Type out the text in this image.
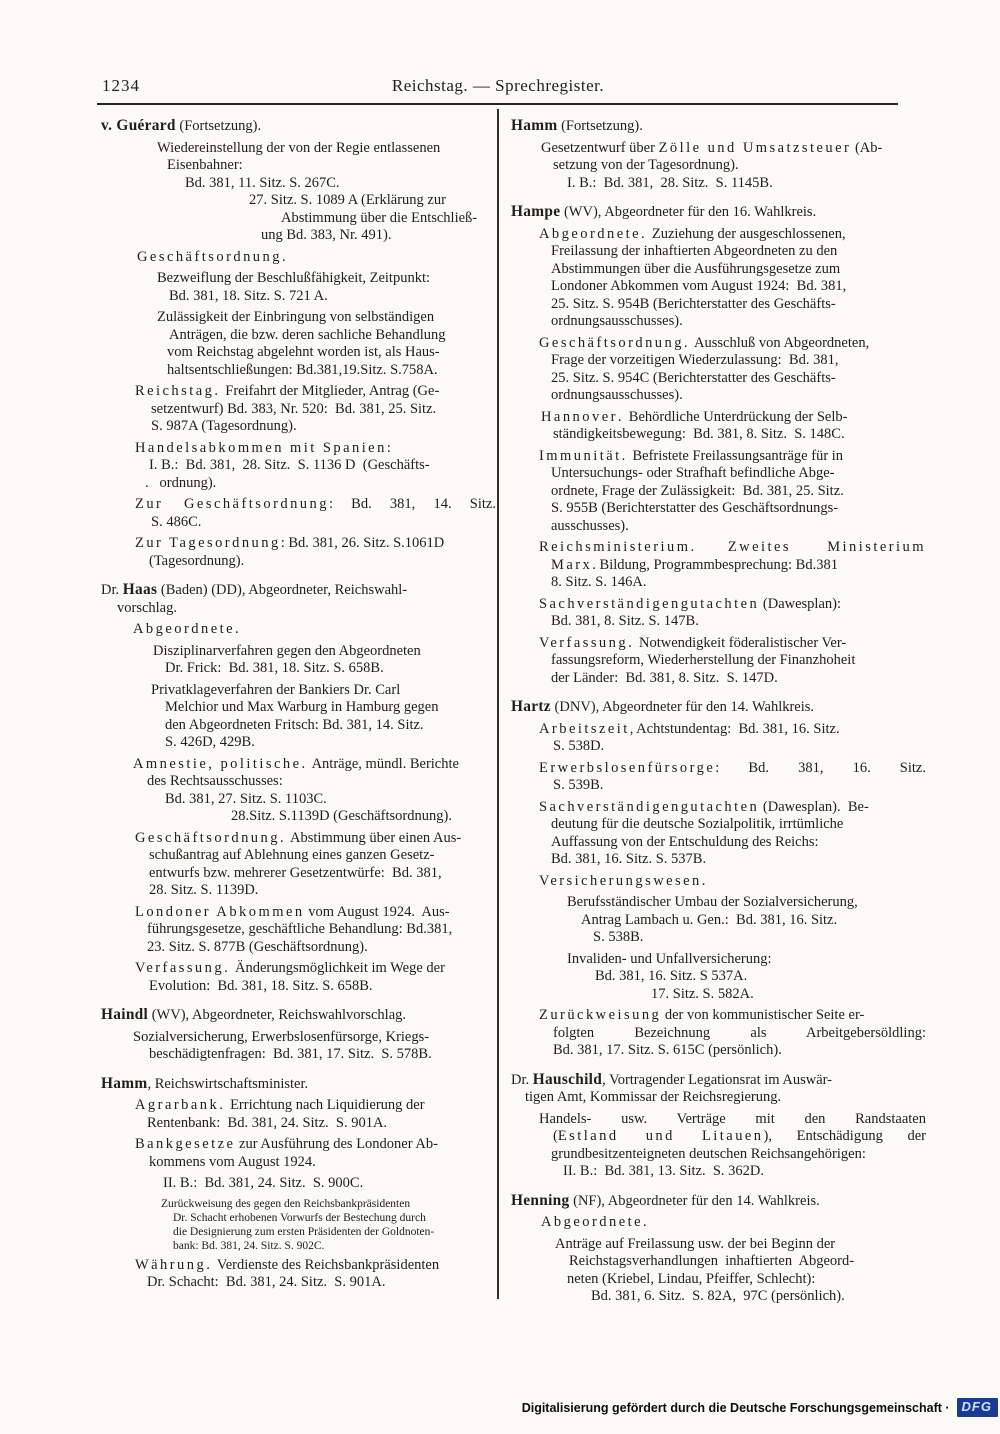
1234	Reichstag. — Sprechregister.
v. Guérard (Fortsetzung).
Wiedereinstellung der von der Regie entlassenen
Eisenbahner:
Bd. 381, 11. Sitz. S. 267C.
27. Sitz. S. 1089 A (Erklärung zur
Abstimmung über die Entschließ-
ung Bd. 383, Nr. 491).
Geschäftsordnung.
Bezweiflung der Beschlußfähigkeit, Zeitpunkt:
Bd. 381, 18. Sitz. S. 721 A.
Zulässigkeit der Einbringung von selbständigen
Anträgen, die bzw. deren sachliche Behandlung
vom Reichstag abgelehnt worden ist, als Haus-
haltsentschließungen: Bd.381,19.Sitz. S.758A.
Reichstag.  Freifahrt der Mitglieder, Antrag (Ge-
setzentwurf) Bd. 383, Nr. 520:  Bd. 381, 25. Sitz.
S. 987A (Tagesordnung).
Handelsabkommen mit Spanien:
I. B.:  Bd. 381,  28. Sitz.  S. 1136 D  (Geschäfts-
.   ordnung).
Zur Geschäftsordnung: Bd. 381, 14. Sitz.
S. 486C.
Zur Tagesordnung: Bd. 381, 26. Sitz. S.1061D
(Tagesordnung).
Dr. Haas (Baden) (DD), Abgeordneter, Reichswahl-
vorschlag.
Abgeordnete.
Disziplinarverfahren gegen den Abgeordneten
Dr. Frick:  Bd. 381, 18. Sitz. S. 658B.
Privatklageverfahren der Bankiers Dr. Carl
Melchior und Max Warburg in Hamburg gegen
den Abgeordneten Fritsch: Bd. 381, 14. Sitz.
S. 426D, 429B.
Amnestie, politische.  Anträge, mündl. Berichte
des Rechtsausschusses:
Bd. 381, 27. Sitz. S. 1103C.
28.Sitz. S.1139D (Geschäftsordnung).
Geschäftsordnung.  Abstimmung über einen Aus-
schußantrag auf Ablehnung eines ganzen Gesetz-
entwurfs bzw. mehrerer Gesetzentwürfe:  Bd. 381,
28. Sitz. S. 1139D.
Londoner Abkommen vom August 1924.  Aus-
führungsgesetze, geschäftliche Behandlung: Bd.381,
23. Sitz. S. 877B (Geschäftsordnung).
Verfassung.  Änderungsmöglichkeit im Wege der
Evolution:  Bd. 381, 18. Sitz. S. 658B.
Haindl (WV), Abgeordneter, Reichswahlvorschlag.
Sozialversicherung, Erwerbslosenfürsorge, Kriegs-
beschädigtenfragen:  Bd. 381, 17. Sitz.  S. 578B.
Hamm, Reichswirtschaftsminister.
Agrarbank.  Errichtung nach Liquidierung der
Rentenbank:  Bd. 381, 24. Sitz.  S. 901A.
Bankgesetze zur Ausführung des Londoner Ab-
kommens vom August 1924.
II. B.:  Bd. 381, 24. Sitz.  S. 900C.
Zurückweisung des gegen den Reichsbankpräsidenten
Dr. Schacht erhobenen Vorwurfs der Bestechung durch
die Designierung zum ersten Präsidenten der Goldnoten-
bank: Bd. 381, 24. Sitz. S. 902C.
Währung.  Verdienste des Reichsbankpräsidenten
Dr. Schacht:  Bd. 381, 24. Sitz.  S. 901A.
Hamm (Fortsetzung).
Gesetzentwurf über Zölle und Umsatzsteuer (Ab-
setzung von der Tagesordnung).
I. B.:  Bd. 381,  28. Sitz.  S. 1145B.
Hampe (WV), Abgeordneter für den 16. Wahlkreis.
Abgeordnete.  Zuziehung der ausgeschlossenen,
Freilassung der inhaftierten Abgeordneten zu den
Abstimmungen über die Ausführungsgesetze zum
Londoner Abkommen vom August 1924:  Bd. 381,
25. Sitz. S. 954B (Berichterstatter des Geschäfts-
ordnungsausschusses).
Geschäftsordnung.  Ausschluß von Abgeordneten,
Frage der vorzeitigen Wiederzulassung:  Bd. 381,
25. Sitz. S. 954C (Berichterstatter des Geschäfts-
ordnungsausschusses).
Hannover.  Behördliche Unterdrückung der Selb-
ständigkeitsbewegung:  Bd. 381, 8. Sitz.  S. 148C.
Immunität.  Befristete Freilassungsanträge für in
Untersuchungs- oder Strafhaft befindliche Abge-
ordnete, Frage der Zulässigkeit:  Bd. 381, 25. Sitz.
S. 955B (Berichterstatter des Geschäftsordnungs-
ausschusses).
Reichsministerium. Zweites Ministerium
Marx. Bildung, Programmbesprechung: Bd.381
8. Sitz. S. 146A.
Sachverständigengutachten (Dawesplan):
Bd. 381, 8. Sitz. S. 147B.
Verfassung.  Notwendigkeit föderalistischer Ver-
fassungsreform, Wiederherstellung der Finanzhoheit
der Länder:  Bd. 381, 8. Sitz.  S. 147D.
Hartz (DNV), Abgeordneter für den 14. Wahlkreis.
Arbeitszeit, Achtstundentag:  Bd. 381, 16. Sitz.
S. 538D.
Erwerbslosenfürsorge: Bd. 381, 16. Sitz.
S. 539B.
Sachverständigengutachten (Dawesplan).  Be-
deutung für die deutsche Sozialpolitik, irrtümliche
Auffassung von der Entschuldung des Reichs:
Bd. 381, 16. Sitz. S. 537B.
Versicherungswesen.
Berufsständischer Umbau der Sozialversicherung,
Antrag Lambach u. Gen.:  Bd. 381, 16. Sitz.
S. 538B.
Invaliden- und Unfallversicherung:
Bd. 381, 16. Sitz. S 537A.
17. Sitz. S. 582A.
Zurückweisung der von kommunistischer Seite er-
folgten Bezeichnung als Arbeitgebersöldling:
Bd. 381, 17. Sitz. S. 615C (persönlich).
Dr. Hauschild, Vortragender Legationsrat im Auswär-
tigen Amt, Kommissar der Reichsregierung.
Handels- usw. Verträge mit den Randstaaten
(Estland und Litauen), Entschädigung der
grundbesitzenteigneten deutschen Reichsangehörigen:
II. B.:  Bd. 381, 13. Sitz.  S. 362D.
Henning (NF), Abgeordneter für den 14. Wahlkreis.
Abgeordnete.
Anträge auf Freilassung usw. der bei Beginn der
Reichstagsverhandlungen  inhaftierten  Abgeord-
neten (Kriebel, Lindau, Pfeiffer, Schlecht):
Bd. 381, 6. Sitz.  S. 82A,  97C (persönlich).
Digitalisierung gefördert durch die Deutsche Forschungsgemeinschaft · DFG
